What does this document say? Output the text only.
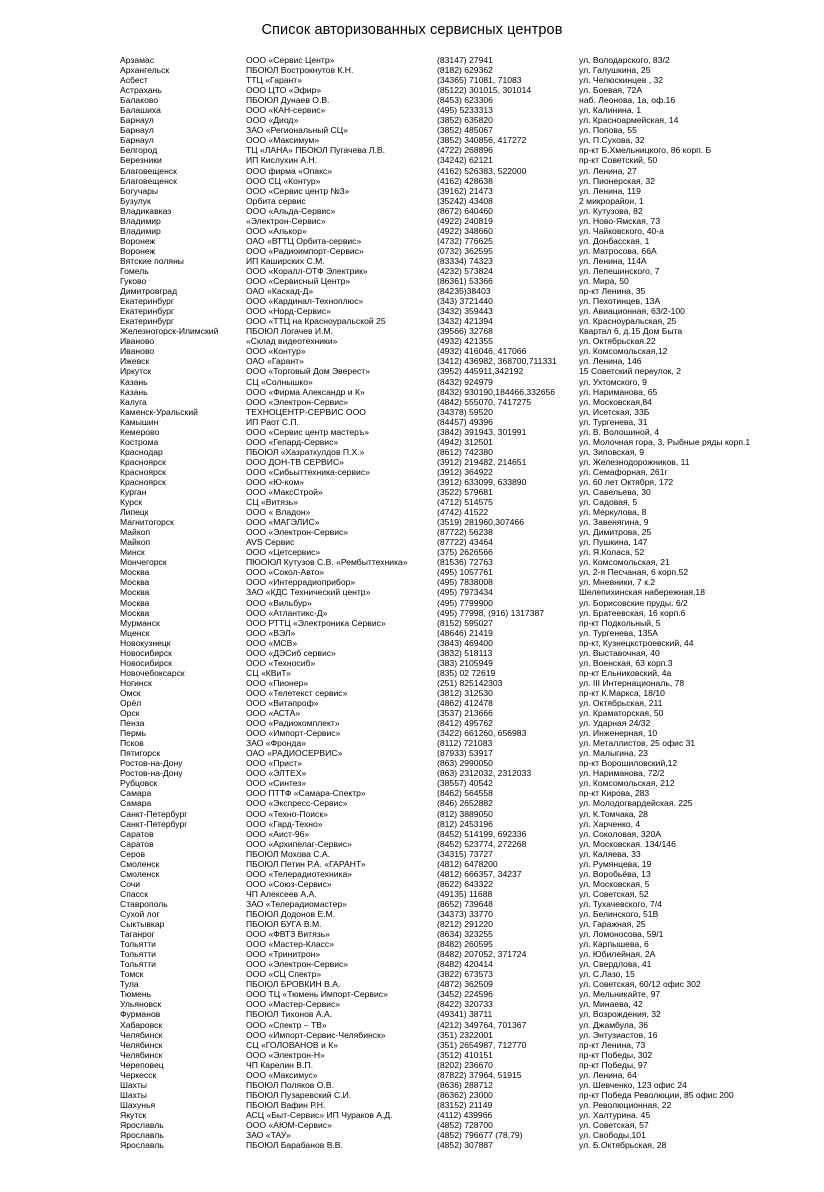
Список авторизованных сервисных центров
Арзамас	ООО «Сервис Центр»	(83147) 27941	ул. Володарского, 83/2
Архангельск	ПБОЮЛ Вострокнутов К.Н.	(8182) 629362	ул. Галушкина, 25
Асбест	ТТЦ «Гарант»	(34365) 71081, 71083	ул. Челюскинцев , 32
Астрахань	ООО ЦТО «Эфир»	(85122) 301015, 301014	ул. Боевая, 72А
Балаково	ПБОЮЛ Дунаев О.В.	(8453) 623306	наб. Леонова, 1а, оф.16
Балашиха	ООО «КАН-сервис»	(495) 5233313	ул. Калинина, 1
Барнаул	ООО «Диод»	(3852) 635820	ул. Красноармейская, 14
Барнаул	ЗАО «Региональный СЦ»	(3852) 485067	ул. Попова, 55
Барнаул	ООО «Максимум»	(3852) 340856, 417272	ул. П.Сухова, 32
Белгород	ТЦ «ЛАНА» ПБОЮЛ Пугачева Л.В.	(4722) 268896	пр-кт Б.Хмельницкого, 86 корп. Б
Березники	ИП Кислухин А.Н.	(34242) 62121	пр-кт Советский, 50
Благовещенск	ООО фирма «Опакс»	(4162) 526383, 522000	ул. Ленина, 27
Благовещенск	ООО СЦ «Контур»	(4162) 428638	ул. Пионерская, 32
Богучары	ООО «Сервис центр №3»	(39162) 21473	ул. Ленина, 119
Бузулук	Орбита сервис	(35242) 43408	2 микрорайон, 1
Владикавказ	ООО «Альда-Сервис»	(8672) 640460	ул. Кутузова, 82
Владимир	«Электрон-Сервис»	(4922) 240819	ул. Ново-Ямская, 73
Владимир	ООО «Алькор»	(4922) 348660	ул. Чайковского, 40-а
Воронеж	ОАО «ВТТЦ Орбита-сервис»	(4732) 776625	ул. Донбасская, 1
Воронеж	ООО «Радиоимпорт-Сервис»	(0732) 362595	ул. Матросова, 66А
Вятские поляны	ИП Каширских С.М.	(83334) 74323	ул. Ленина, 114А
Гомель	ООО «Коралл-ОТФ Электрик»	(4232) 573824	ул. Лепешинского, 7
Гуково	ООО «Сервисный Центр»	(86361) 53366	ул. Мира, 50
Димитровград	ОАО «Каскад-Д»	(84235)38403	пр-кт Ленина, 35
Екатеринбург	ООО «Кардинал-Техноплюс»	(343) 3721440	ул. Пехотинцев, 13А
Екатеринбург	ООО «Норд-Сервис»	(3432) 359443	ул. Авиационная, 63/2-100
Екатеринбург	ООО «ТТЦ на Красноуральской 25	(3432) 421394	ул. Красноуральская, 25
Железногорск-Илимский	ПБОЮЛ Логачев И.М.	(39566) 32768	Квартал 6, д.15 Дом Быта
Иваново	«Склад видеотехники»	(4932) 421355	ул. Октябрьская.22
Иваново	ООО «Контур»	(4932) 416046, 417066	ул. Комсомольская,12
Ижевск	ОАО «Гарант»	(3412) 436982, 368700,711331	ул. Ленина, 146
Иркутск	ООО «Торговый Дом Эверест»	(3952) 445911,342192	15 Советский переулок, 2
Казань	СЦ «Солнышко»	(8432) 924979	ул. Ухтомского, 9
Казань	ООО «Фирма Александр и К»	(8432) 930190,184466,332656	ул. Нариманова, 65
Калуга	ООО «Электрон-Сервис»	(4842) 555070, 7417275	ул. Московская,84
Каменск-Уральский	ТЕХНОЦЕНТР-СЕРВИС ООО	(34378) 59520	ул. Исетская, 33Б
Камышин	ИП Раот С.П.	(84457) 49396	ул. Тургенева, 31
Кемерово	ООО «Сервис центр мастеръ»	(3842) 391943, 301991	ул. В. Волошиной, 4
Кострома	ООО «Гепард-Сервис»	(4942) 312501	ул. Молочная гора, 3, Рыбные ряды корп.1
Краснодар	ПБОЮЛ «Хазраткулдов П.Х.»	(8612) 742380	ул. Зиповская, 9
Красноярск	ООО ДОН-ТВ СЕРВИС»	(3912) 219482, 214651	ул. Железнодорожников, 11
Красноярск	ООО «Сибьыттехника-сервис»	(3912) 364922	ул. Семафорная, 261г
Красноярск	ООО «Ю-ком»	(3912) 633099, 633890	ул. 60 лет Октября, 172
Курган	ООО «МаксСтрой»	(3522) 579681	ул. Савельева, 30
Курск	СЦ «Витязь»	(4712) 514575	ул. Садовая, 5
Липецк	ООО « Владон»	(4742) 41522	ул. Меркулова, 8
Магнитогорск	ООО «МАГЭЛИС»	(3519) 281960,307466	ул. Завенягина, 9
Майкоп	ООО «Электрон-Сервис»	(87722) 56238	ул. Димитрова, 25
Майкоп	AVS Сервис	(87722) 43464	ул. Пушкина, 147
Минск	ООО «Цетсервис»	(375) 2626566	ул. Я.Коласа, 52
Мончегорск	ПЮОЮЛ Кутузов С.В. «Рембыттехника»	(81536) 72763	ул. Комсомольская, 21
Москва	ООО «Сокол-Авто»	(495) 1057761	ул. 2-я Песчаная, 6 корп.52
Москва	ООО «Интеррадиоприбор»	(495) 7838008	ул. Мневники, 7 к.2
Москва	ЗАО «КДС Технический центр»	(495) 7973434	Шелепихинская набережная,18
Москва	ООО «Вильбур»	(495) 7799900	ул. Борисовские пруды. 6/2
Москва	ООО «Атлантикс-Д»	(495) 77998, (916) 1317387	ул. Братеевская, 16 корп.6
Мурманск	ООО РТТЦ «Электроника Сервис»	(8152) 595027	пр-кт Подкольный, 5
Мценск	ООО «ВЭЛ»	(48646) 21419	ул. Тургенева, 135А
Новокузнецк	ООО «МСВ»	(3843) 469400	пр-кт, Кузнецкстроевский, 44
Новосибирск	ООО «ДЭСиб сервис»	(3832) 518113	ул. Выставочная, 40
Новосибирск	ООО «Техносиб»	(383) 2105949	ул. Военская, 63 корп.3
Новочебоксарск	СЦ «КВиТ»	(835) 02 72619	пр-кт Ельниковский, 4а
Ногинск	ООО «Пионер»	(251) 825142303	ул. III Интернациональ, 78
Омск	ООО «Телетекст сервис»	(3812) 312530	пр-кт К.Маркса, 18/10
Орёл	ООО «Витапроф»	(4862) 412478	ул. Октябрьская, 211
Орск	ООО «АСТА»	(3537) 213666	ул. Краматорская, 50
Пенза	ООО «Радиокомплект»	(8412) 495762	ул. Ударная 24/32
Пермь	ООО «Импорт-Сервис»	(3422) 661260, 656983	ул. Инженерная, 10
Псков	ЗАО «Фронда»	(8112) 721083	ул. Металлистов, 25 офис 31
Пятигорск	ОАО «РАДИОСЕРВИС»	(87933) 53917	ул. Малыгина, 23
Ростов-на-Дону	ООО «Прист»	(863) 2990050	пр-кт Ворошиловский,12
Ростов-на-Дону	ООО «ЭЛТЕХ»	(863) 2312032, 2312033	ул. Нариманова, 72/2
Рубцовск	ООО «Синтез»	(38557) 40542	ул. Комсомольская, 212
Самара	ООО ПТТФ «Самара-Спектр»	(8462) 564558	пр-кт Кирова, 283
Самара	ООО «Экспресс-Сервис»	(846) 2652882	ул. Молодогвардейская. 225
Санкт-Петербург	ООО «Техно-Поиск»	(812) 3889050	ул. К.Томчака, 28
Санкт-Петербург	ООО «Гард-Техно»	(812) 2453196	ул. Харченко, 4
Саратов	ООО «Аист-96»	(8452) 514199, 692336	ул. Соколовая, 320А
Саратов	ООО «Архипелаг-Сервис»	(8452) 523774, 272268	ул. Московская. 134/146
Серов	ПБОЮЛ Мохова С.А.	(34315) 73727	ул. Каляева, 33
Смоленск	ПБОЮЛ Петин Р.А. «ГАРАНТ»	(4812) 6478200	ул. Румянцева, 19
Смоленск	ООО «Телерадиотехника»	(4812) 666357, 34237	ул. Воробьёва, 13
Сочи	ООО «Союз-Сервис»	(8622) 643322	ул. Московская, 5
Спасск	ЧП Алексеев А.А.	(49135) 11688	ул. Советская, 52
Ставрополь	ЗАО «Телерадиомастер»	(8652) 739648	ул. Тухачевского, 7/4
Сухой лог	ПБОЮЛ Додонов Е.М.	(34373) 33770	ул. Белинского, 51В
Сыктывкар	ПБОЮЛ БУГА В.М.	(8212) 291220	ул. Гаражная, 25
Таганрог	ООО «ФВТЗ Витязь»	(8634) 323255	ул. Ломоносова, 59/1
Тольятти	ООО «Мастер-Класс»	(8482) 260595	ул. Карпышева, 6
Тольятти	ООО «Тринитрон»	(8482) 207052, 371724	ул. Юбилейная, 2А
Тольятти	ООО «Электрон-Сервис»	(8482) 420414	ул. Свердлова, 41
Томск	ООО «СЦ Спектр»	(3822) 673573	ул. С.Лазо, 15
Тула	ПБОЮЛ БРОВКИН В.А.	(4872) 362509	ул. Советская, 60/12 офис 302
Тюмень	ООО ТЦ «Тюмень Импорт-Сервис»	(3452) 224596	ул. Мельникайте, 97
Ульяновск	ООО «Мастер-Сервис»	(8422) 320733	ул. Минаева, 42
Фурманов	ПБОЮЛ Тихонов А.А.	(49341) 38711	ул. Возрождения, 32
Хабаровск	ООО «Спектр – ТВ»	(4212) 349764, 701367	ул. Джамбула, 36
Челябинск	ООО «Импорт-Сервис-Челябинск»	(351) 2322001	ул. Энтузиастов, 16
Челябинск	СЦ «ГОЛОВАНОВ и К»	(351) 2654987, 712770	пр-кт Ленина, 73
Челябинск	ООО «Электрон-Н»	(3512) 410151	пр-кт Победы, 302
Череповец	ЧП Карелин В.П.	(8202) 236670	пр-кт Победы, 97
Черкесск	ООО «Максимус»	(87822) 37964, 51915	ул. Ленина, 64
Шахты	ПБОЮЛ Поляков О.В.	(8636) 288712	ул. Шевченко, 123 офис 24
Шахты	ПБОЮЛ Пузаревский С.И.	(86362) 23000	пр-кт Победа Революции, 85 офис 200
Шахунья	ПБОЮЛ Вафин Р.Н.	(83152) 21149	ул. Революционная, 22
Якутск	АСЦ «Быт-Сервис» ИП Чураков А.Д.	(4112) 439966	ул. Халтурина. 45
Ярославль	ООО «АЮМ-Сервис»	(4852) 728700	ул. Советская, 57
Ярославль	ЗАО «ТАУ»	(4852) 796677 (78,79)	ул. Свободы,101
Ярославль	ПБОЮЛ Барабанов В.В.	(4852) 307887	ул. Б.Октябрьская, 28
